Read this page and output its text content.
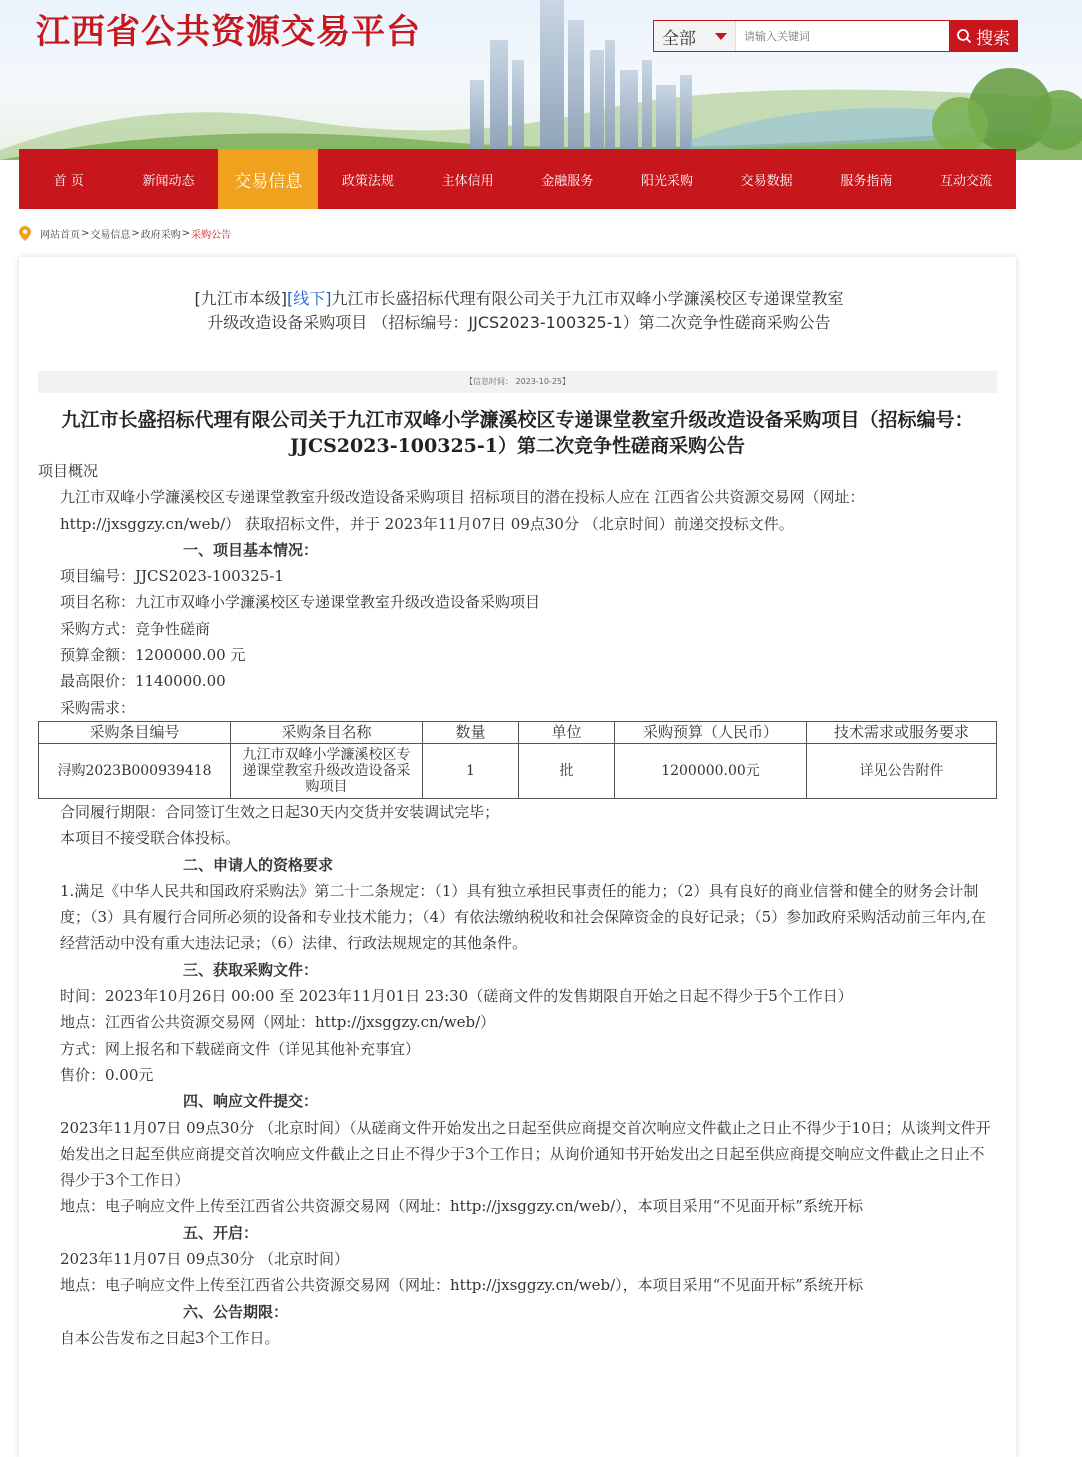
江西省公共资源交易平台	全部
请输入关键词	搜索
首 页	新闻动态	交易信息	政策法规	主体信用	金融服务	阳光采购	交易数据	服务指南	互动交流
网站首页 > 交易信息 > 政府采购 > 采购公告
[九江市本级][线下]九江市长盛招标代理有限公司关于九江市双峰小学濂溪校区专递课堂教室升级改造设备采购项目 （招标编号：JJCS2023-100325-1）第二次竞争性磋商采购公告
【信息时间： 2023-10-25】
九江市长盛招标代理有限公司关于九江市双峰小学濂溪校区专递课堂教室升级改造设备采购项目（招标编号：JJCS2023-100325-1）第二次竞争性磋商采购公告

项目概况

九江市双峰小学濂溪校区专递课堂教室升级改造设备采购项目 招标项目的潜在投标人应在 江西省公共资源交易网（网址：http://jxsggzy.cn/web/） 获取招标文件，并于 2023年11月07日 09点30分 （北京时间）前递交投标文件。

一、项目基本情况：

项目编号：JJCS2023-100325-1

项目名称：九江市双峰小学濂溪校区专递课堂教室升级改造设备采购项目

采购方式：竞争性磋商

预算金额：1200000.00 元

最高限价：1140000.00

采购需求：

采购条目编号	采购条目名称	数量	单位	采购预算（人民币）	技术需求或服务要求
浔购2023B000939418	九江市双峰小学濂溪校区专递课堂教室升级改造设备采购项目	1	批	1200000.00元	详见公告附件

合同履行期限：合同签订生效之日起30天内交货并安装调试完毕；

本项目不接受联合体投标。

二、申请人的资格要求

1.满足《中华人民共和国政府采购法》第二十二条规定：（1）具有独立承担民事责任的能力；（2）具有良好的商业信誉和健全的财务会计制度；（3）具有履行合同所必须的设备和专业技术能力；（4）有依法缴纳税收和社会保障资金的良好记录；（5）参加政府采购活动前三年内,在经营活动中没有重大违法记录；（6）法律、行政法规规定的其他条件。

三、获取采购文件：

时间：2023年10月26日 00:00 至 2023年11月01日 23:30（磋商文件的发售期限自开始之日起不得少于5个工作日）

地点：江西省公共资源交易网（网址：http://jxsggzy.cn/web/）

方式：网上报名和下载磋商文件（详见其他补充事宜）

售价：0.00元

四、响应文件提交：

2023年11月07日 09点30分 （北京时间）（从磋商文件开始发出之日起至供应商提交首次响应文件截止之日止不得少于10日；从谈判文件开始发出之日起至供应商提交首次响应文件截止之日止不得少于3个工作日；从询价通知书开始发出之日起至供应商提交响应文件截止之日止不得少于3个工作日）

地点：电子响应文件上传至江西省公共资源交易网（网址：http://jxsggzy.cn/web/），本项目采用“不见面开标”系统开标

五、开启：

2023年11月07日 09点30分 （北京时间）

地点：电子响应文件上传至江西省公共资源交易网（网址：http://jxsggzy.cn/web/），本项目采用“不见面开标”系统开标

六、公告期限：

自本公告发布之日起3个工作日。
